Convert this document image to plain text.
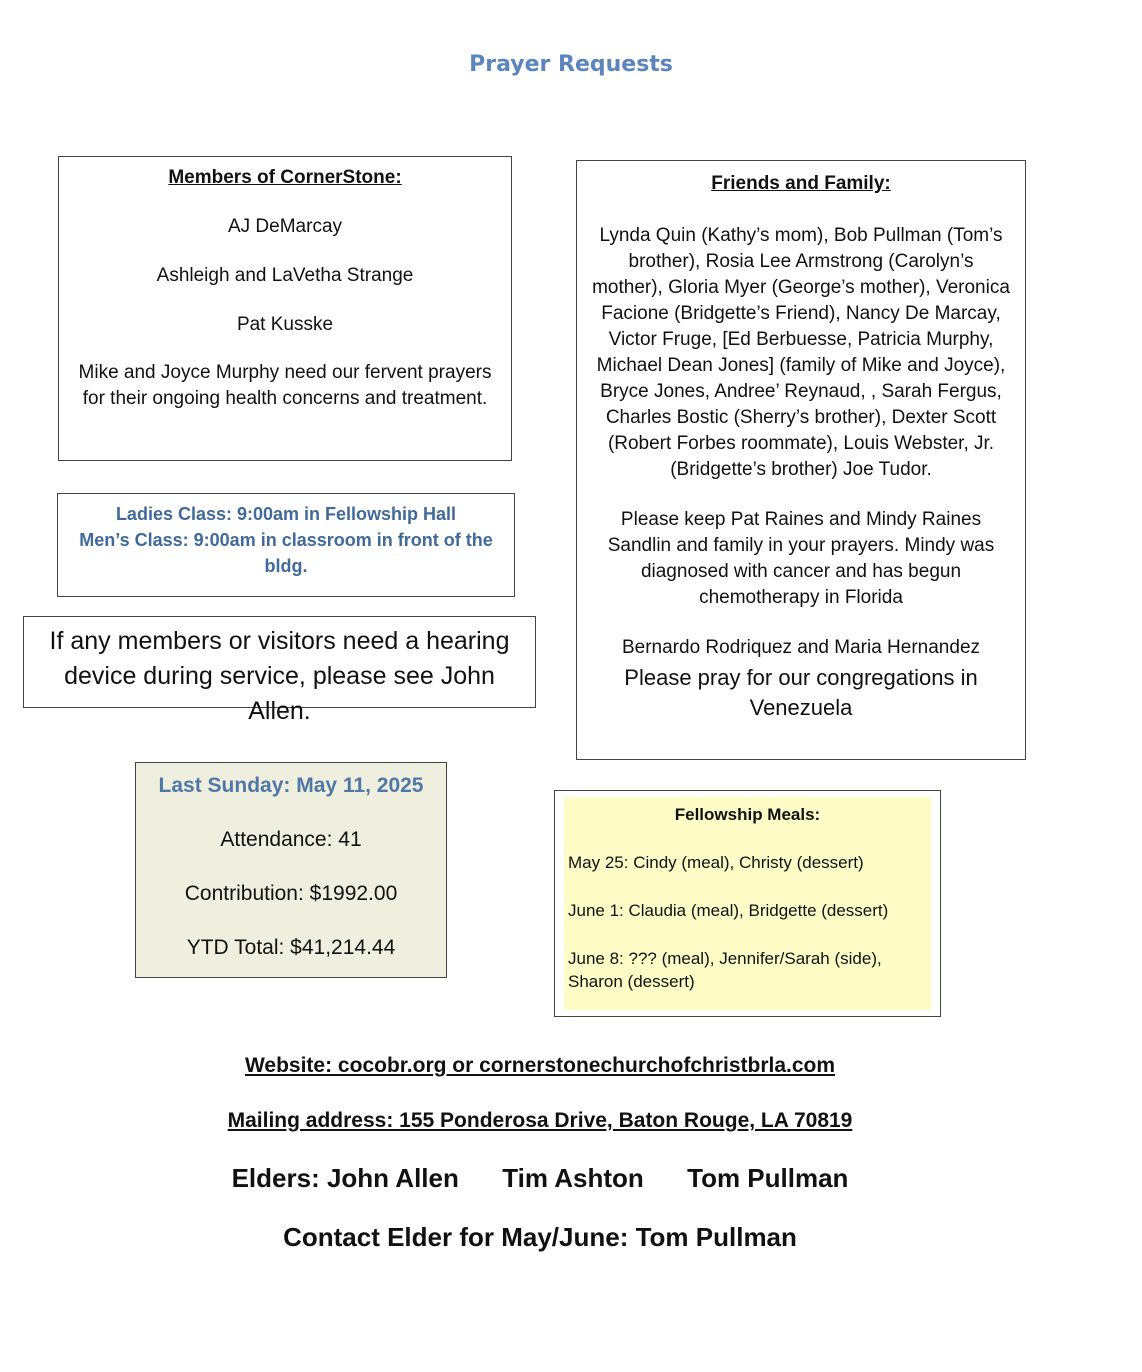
Prayer Requests

Members of CornerStone:

AJ DeMarcay

Ashleigh and LaVetha Strange

Pat Kusske

Mike and Joyce Murphy need our fervent prayers for their ongoing health concerns and treatment.

Friends and Family:

Lynda Quin (Kathy’s mom), Bob Pullman (Tom’s brother), Rosia Lee Armstrong (Carolyn’s mother), Gloria Myer (George’s mother), Veronica Facione (Bridgette’s Friend), Nancy De Marcay, Victor Fruge, [Ed Berbuesse, Patricia Murphy, Michael Dean Jones] (family of Mike and Joyce), Bryce Jones, Andree’ Reynaud, , Sarah Fergus, Charles Bostic (Sherry’s brother), Dexter Scott (Robert Forbes roommate), Louis Webster, Jr.(Bridgette’s brother) Joe Tudor.

Please keep Pat Raines and Mindy Raines Sandlin and family in your prayers. Mindy was diagnosed with cancer and has begun chemotherapy in Florida

Bernardo Rodriquez and Maria Hernandez

Please pray for our congregations in Venezuela

Ladies Class: 9:00am in Fellowship Hall

Men’s Class: 9:00am in classroom in front of the bldg.

If any members or visitors need a hearing device during service, please see John Allen.

Last Sunday: May 11, 2025

Attendance: 41

Contribution: $1992.00

YTD Total: $41,214.44

Fellowship Meals:

May 25: Cindy (meal), Christy (dessert)

June 1: Claudia (meal), Bridgette (dessert)

June 8: ??? (meal), Jennifer/Sarah (side), Sharon (dessert)

Website: cocobr.org or cornerstonechurchofchristbrla.com
Mailing address: 155 Ponderosa Drive, Baton Rouge, LA 70819
Elders: John Allen      Tim Ashton      Tom Pullman
Contact Elder for May/June: Tom Pullman
